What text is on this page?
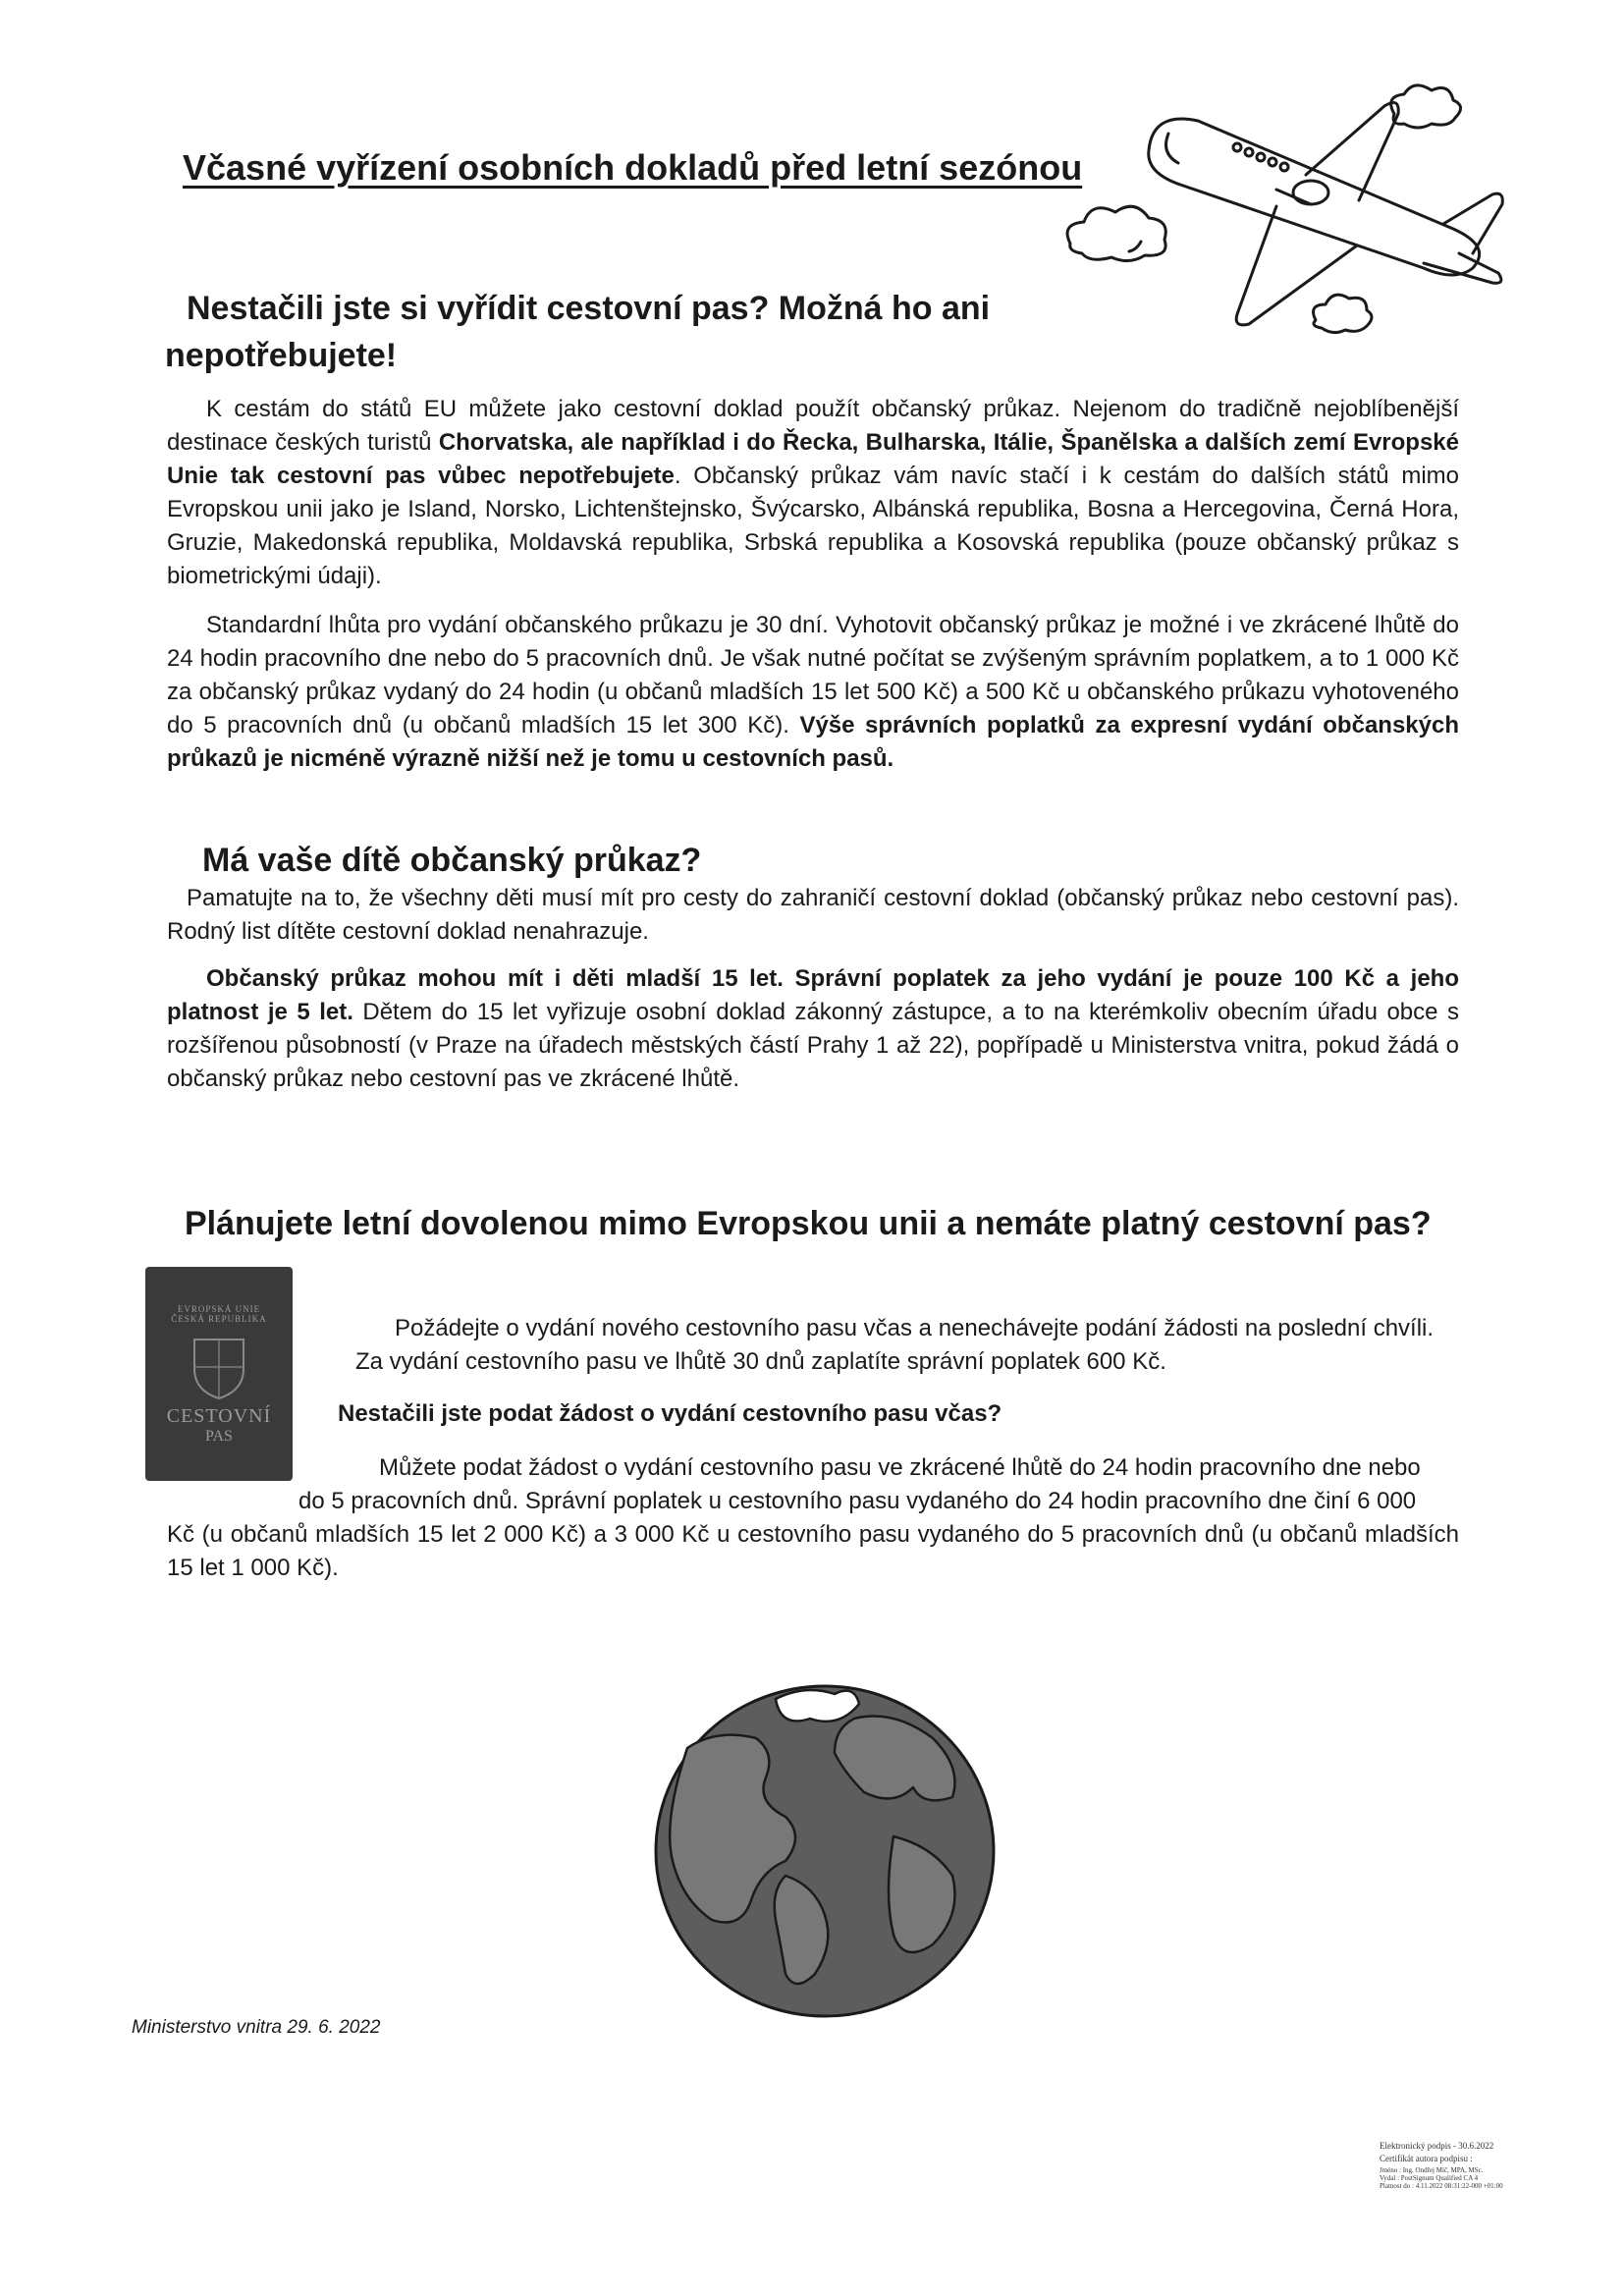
Včasné vyřízení osobních dokladů před letní sezónou
Nestačili jste si vyřídit cestovní pas? Možná ho ani
nepotřebujete!
K cestám do států EU můžete jako cestovní doklad použít občanský průkaz. Nejenom do tradičně nejoblíbenější destinace českých turistů Chorvatska, ale například i do Řecka, Bulharska, Itálie, Španělska a dalších zemí Evropské Unie tak cestovní pas vůbec nepotřebujete. Občanský průkaz vám navíc stačí i k cestám do dalších států mimo Evropskou unii jako je Island, Norsko, Lichtenštejnsko, Švýcarsko, Albánská republika, Bosna a Hercegovina, Černá Hora, Gruzie, Makedonská republika, Moldavská republika, Srbská republika a Kosovská republika (pouze občanský průkaz s biometrickými údaji).
Standardní lhůta pro vydání občanského průkazu je 30 dní. Vyhotovit občanský průkaz je možné i ve zkrácené lhůtě do 24 hodin pracovního dne nebo do 5 pracovních dnů. Je však nutné počítat se zvýšeným správním poplatkem, a to 1 000 Kč za občanský průkaz vydaný do 24 hodin (u občanů mladších 15 let 500 Kč) a 500 Kč u občanského průkazu vyhotoveného do 5 pracovních dnů (u občanů mladších 15 let 300 Kč). Výše správních poplatků za expresní vydání občanských průkazů je nicméně výrazně nižší než je tomu u cestovních pasů.
Má vaše dítě občanský průkaz?
Pamatujte na to, že všechny děti musí mít pro cesty do zahraničí cestovní doklad (občanský průkaz nebo cestovní pas). Rodný list dítěte cestovní doklad nenahrazuje.
Občanský průkaz mohou mít i děti mladší 15 let. Správní poplatek za jeho vydání je pouze 100 Kč a jeho platnost je 5 let. Dětem do 15 let vyřizuje osobní doklad zákonný zástupce, a to na kterémkoliv obecním úřadu obce s rozšířenou působností (v Praze na úřadech městských částí Prahy 1 až 22), popřípadě u Ministerstva vnitra, pokud žádá o občanský průkaz nebo cestovní pas ve zkrácené lhůtě.
Plánujete letní dovolenou mimo Evropskou unii a nemáte platný cestovní pas?
EVROPSKÁ UNIE
ČESKÁ REPUBLIKA
CESTOVNÍ
PAS
Požádejte o vydání nového cestovního pasu včas a nenechávejte podání žádosti na poslední chvíli.
Za vydání cestovního pasu ve lhůtě 30 dnů zaplatíte správní poplatek 600 Kč.
Nestačili jste podat žádost o vydání cestovního pasu včas?
Můžete podat žádost o vydání cestovního pasu ve zkrácené lhůtě do 24 hodin pracovního dne nebo
do 5 pracovních dnů. Správní poplatek u cestovního pasu vydaného do 24 hodin pracovního dne činí 6 000
Kč (u občanů mladších 15 let 2 000 Kč) a 3 000 Kč u cestovního pasu vydaného do 5 pracovních dnů (u občanů mladších 15 let 1 000 Kč).
Ministerstvo vnitra 29. 6. 2022
Elektronický podpis - 30.6.2022
Certifikát autora podpisu :
Jméno : Ing. Ondřej Mič, MPA, MSc.
Vydal : PostSignum Qualified CA 4
Platnost do : 4.11.2022 08:31:22-000 +01:00
